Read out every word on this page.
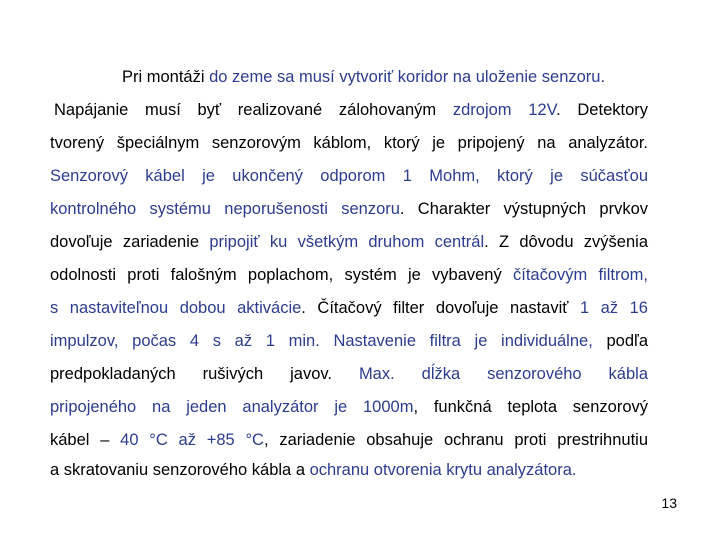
Pri montáži do zeme sa musí vytvoriť koridor na uloženie senzoru.
Napájanie musí byť realizované zálohovaným zdrojom 12V. Detektory
tvorený špeciálnym senzorovým káblom, ktorý je pripojený na analyzátor.
Senzorový kábel je ukončený odporom 1 Mohm, ktorý je súčasťou
kontrolného systému neporušenosti senzoru. Charakter výstupných prvkov
dovoľuje zariadenie pripojiť ku všetkým druhom centrál. Z dôvodu zvýšenia
odolnosti proti falošným poplachom, systém je vybavený čítačovým filtrom,
s nastaviteľnou dobou aktivácie. Čítačový filter dovoľuje nastaviť 1 až 16
impulzov, počas 4 s až 1 min. Nastavenie filtra je individuálne, podľa
predpokladaných rušivých javov. Max. dĺžka senzorového kábla
pripojeného na jeden analyzátor je 1000m, funkčná teplota senzorový
kábel – 40 °C až +85 °C, zariadenie obsahuje ochranu proti prestrihnutiu
a skratovaniu senzorového kábla a ochranu otvorenia krytu analyzátora.
13
